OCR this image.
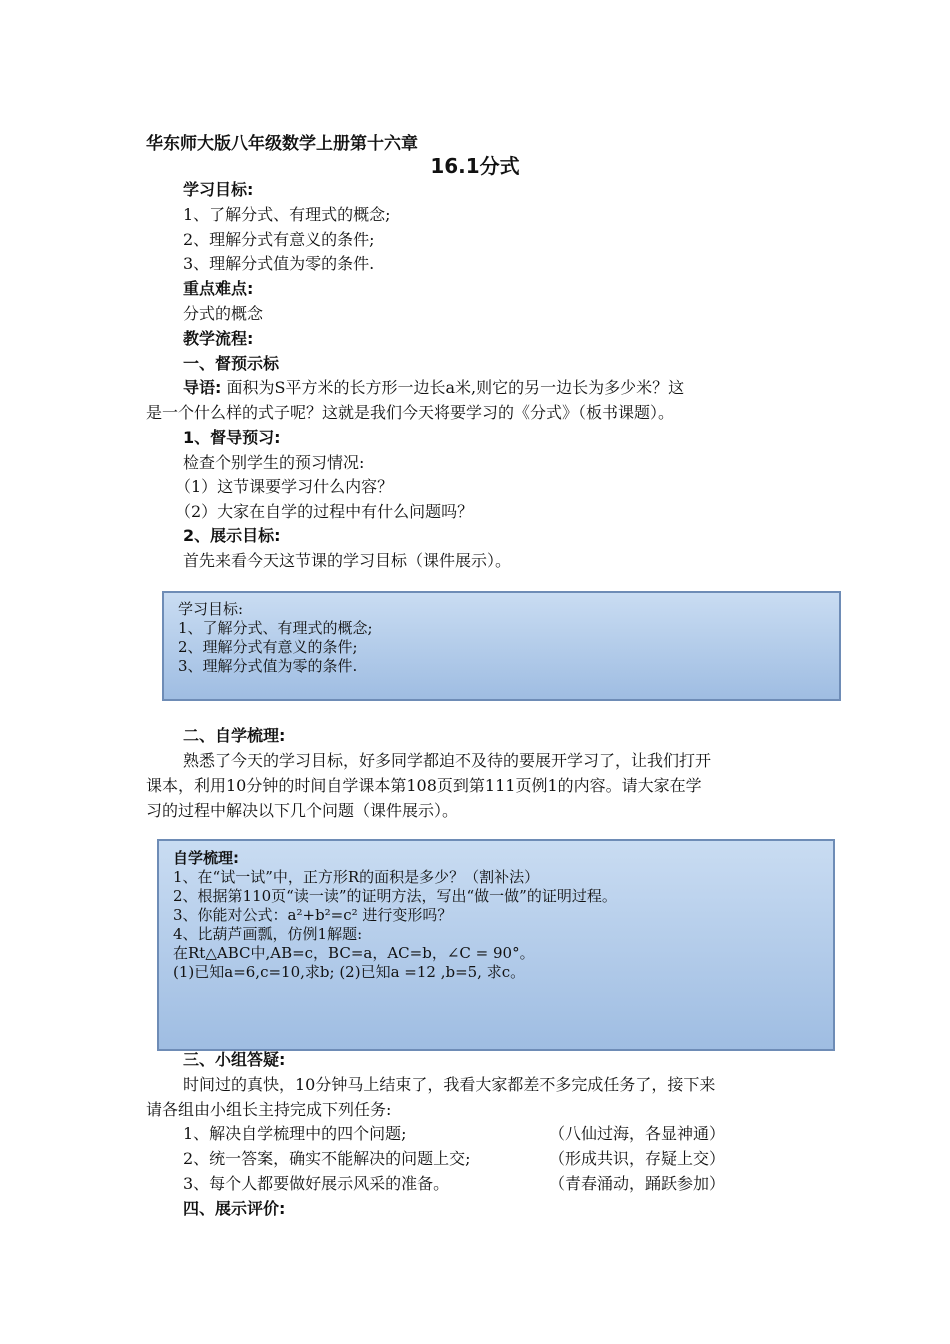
华东师大版八年级数学上册第十六章
16.1分式
学习目标:
1、了解分式、有理式的概念;
2、理解分式有意义的条件;
3、理解分式值为零的条件.
重点难点:
分式的概念
教学流程:
一、督预示标
导语: 面积为S平方米的长方形一边长a米,则它的另一边长为多少米？这
是一个什么样的式子呢？这就是我们今天将要学习的《分式》（板书课题）。
1、督导预习:
检查个别学生的预习情况:
（1）这节课要学习什么内容？
（2）大家在自学的过程中有什么问题吗？
2、展示目标:
首先来看今天这节课的学习目标（课件展示）。
学习目标:
1、了解分式、有理式的概念;
2、理解分式有意义的条件;
3、理解分式值为零的条件.
二、自学梳理:
熟悉了今天的学习目标，好多同学都迫不及待的要展开学习了，让我们打开
课本，利用10分钟的时间自学课本第108页到第111页例1的内容。请大家在学
习的过程中解决以下几个问题（课件展示）。
自学梳理:
1、在“试一试”中，正方形R的面积是多少？（割补法）
2、根据第110页“读一读”的证明方法，写出“做一做”的证明过程。
3、你能对公式：a²+b²=c² 进行变形吗？
4、比葫芦画瓢，仿例1解题:
在Rt△ABC中,AB=c，BC=a，AC=b，∠C = 90°。
(1)已知a=6,c=10,求b; (2)已知a =12 ,b=5, 求c。
三、小组答疑:
时间过的真快，10分钟马上结束了，我看大家都差不多完成任务了，接下来
请各组由小组长主持完成下列任务:
1、解决自学梳理中的四个问题;	（八仙过海，各显神通）
2、统一答案，确实不能解决的问题上交;	（形成共识，存疑上交）
3、每个人都要做好展示风采的准备。	（青春涌动，踊跃参加）
四、展示评价:
